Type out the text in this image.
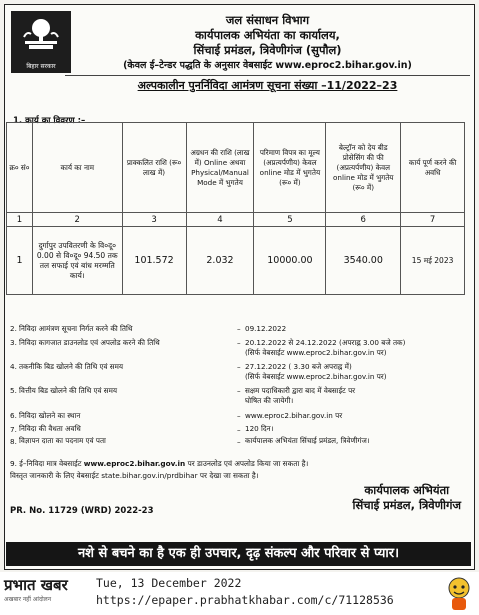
बिहार सरकार
जल संसाधन विभाग
कार्यपालक अभियंता का कार्यालय,
सिंचाई प्रमंडल, त्रिवेणीगंज (सुपौल)
(केवल ई–टेन्डर पद्धति के अनुसार वेबसाईट www.eproc2.bihar.gov.in)
अल्पकालीन पुनर्निविदा आमंत्रण सूचना संख्या –11/2022–23
1. कार्य का विवरण :–
क्र० सं०	कार्य का नाम	प्राक्कलित राशि (रू० लाख में)	अग्रधन की राशि (लाख में) Online अथवा Physical/Manual Mode में भुगतेय	परिमाण विपत्र का मूल्य (अप्रत्यर्पणीय) केवल online मोड में भुगतेय (रू० में)	बेल्ट्रॉन को देय बीड प्रोसेसिंग की फी (अप्रत्यर्पणीय) केवल online मोड में भुगतेय (रू० में)	कार्य पूर्ण करने की अवधि
1	2	3	4	5	6	7
1	दुर्गापुर उपवितरणी के वि०दू० 0.00 से वि०दू० 94.50 तक तल सफाई एवं बांध मरम्मति कार्य।	101.572	2.032	10000.00	3540.00	15 मई 2023
2. निविदा आमंत्रण सूचना निर्गत करने की तिथि	– 09.12.2022
3. निविदा कागजात डाउनलोड एवं अपलोड करने की तिथि	– 20.12.2022 से 24.12.2022 (अपराह्न 3.00 बजे तक)
(सिर्फ वेबसाईट www.eproc2.bihar.gov.in पर)
4. तकनीकि बिड खोलने की तिथि एवं समय	– 27.12.2022 ( 3.30 बजे अपराह्न में)
(सिर्फ वेबसाईट www.eproc2.bihar.gov.in पर)
5. वित्तीय बिड खोलने की तिथि एवं समय	– सक्षम पदाधिकारी द्वारा बाद में वेबसाईट पर
घोषित की जायेगी।
6. निविदा खोलने का स्थान	– www.eproc2.bihar.gov.in पर
7. निविदा की वैधता अवधि	– 120 दिन।
8. विज्ञापन दाता का पदनाम एवं पता	– कार्यपालक अभियंता सिंचाई प्रमंडल, त्रिवेणीगंज।
9. ई–निविदा मात्र वेबसाईट www.eproc2.bihar.gov.in पर डाउनलोड एवं अपलोड किया जा सकता है।
विस्तृत जानकारी के लिए वेबसाईट state.bihar.gov.in/prdbihar पर देखा जा सकता है।
कार्यपालक अभियंता
सिंचाई प्रमंडल, त्रिवेणीगंज
PR. No. 11729 (WRD) 2022-23
नशे से बचने का है एक ही उपचार, दृढ़ संकल्प और परिवार से प्यार।
प्रभात खबर
अखबार नहीं आंदोलन
Tue, 13 December 2022
https://epaper.prabhatkhabar.com/c/71128536
